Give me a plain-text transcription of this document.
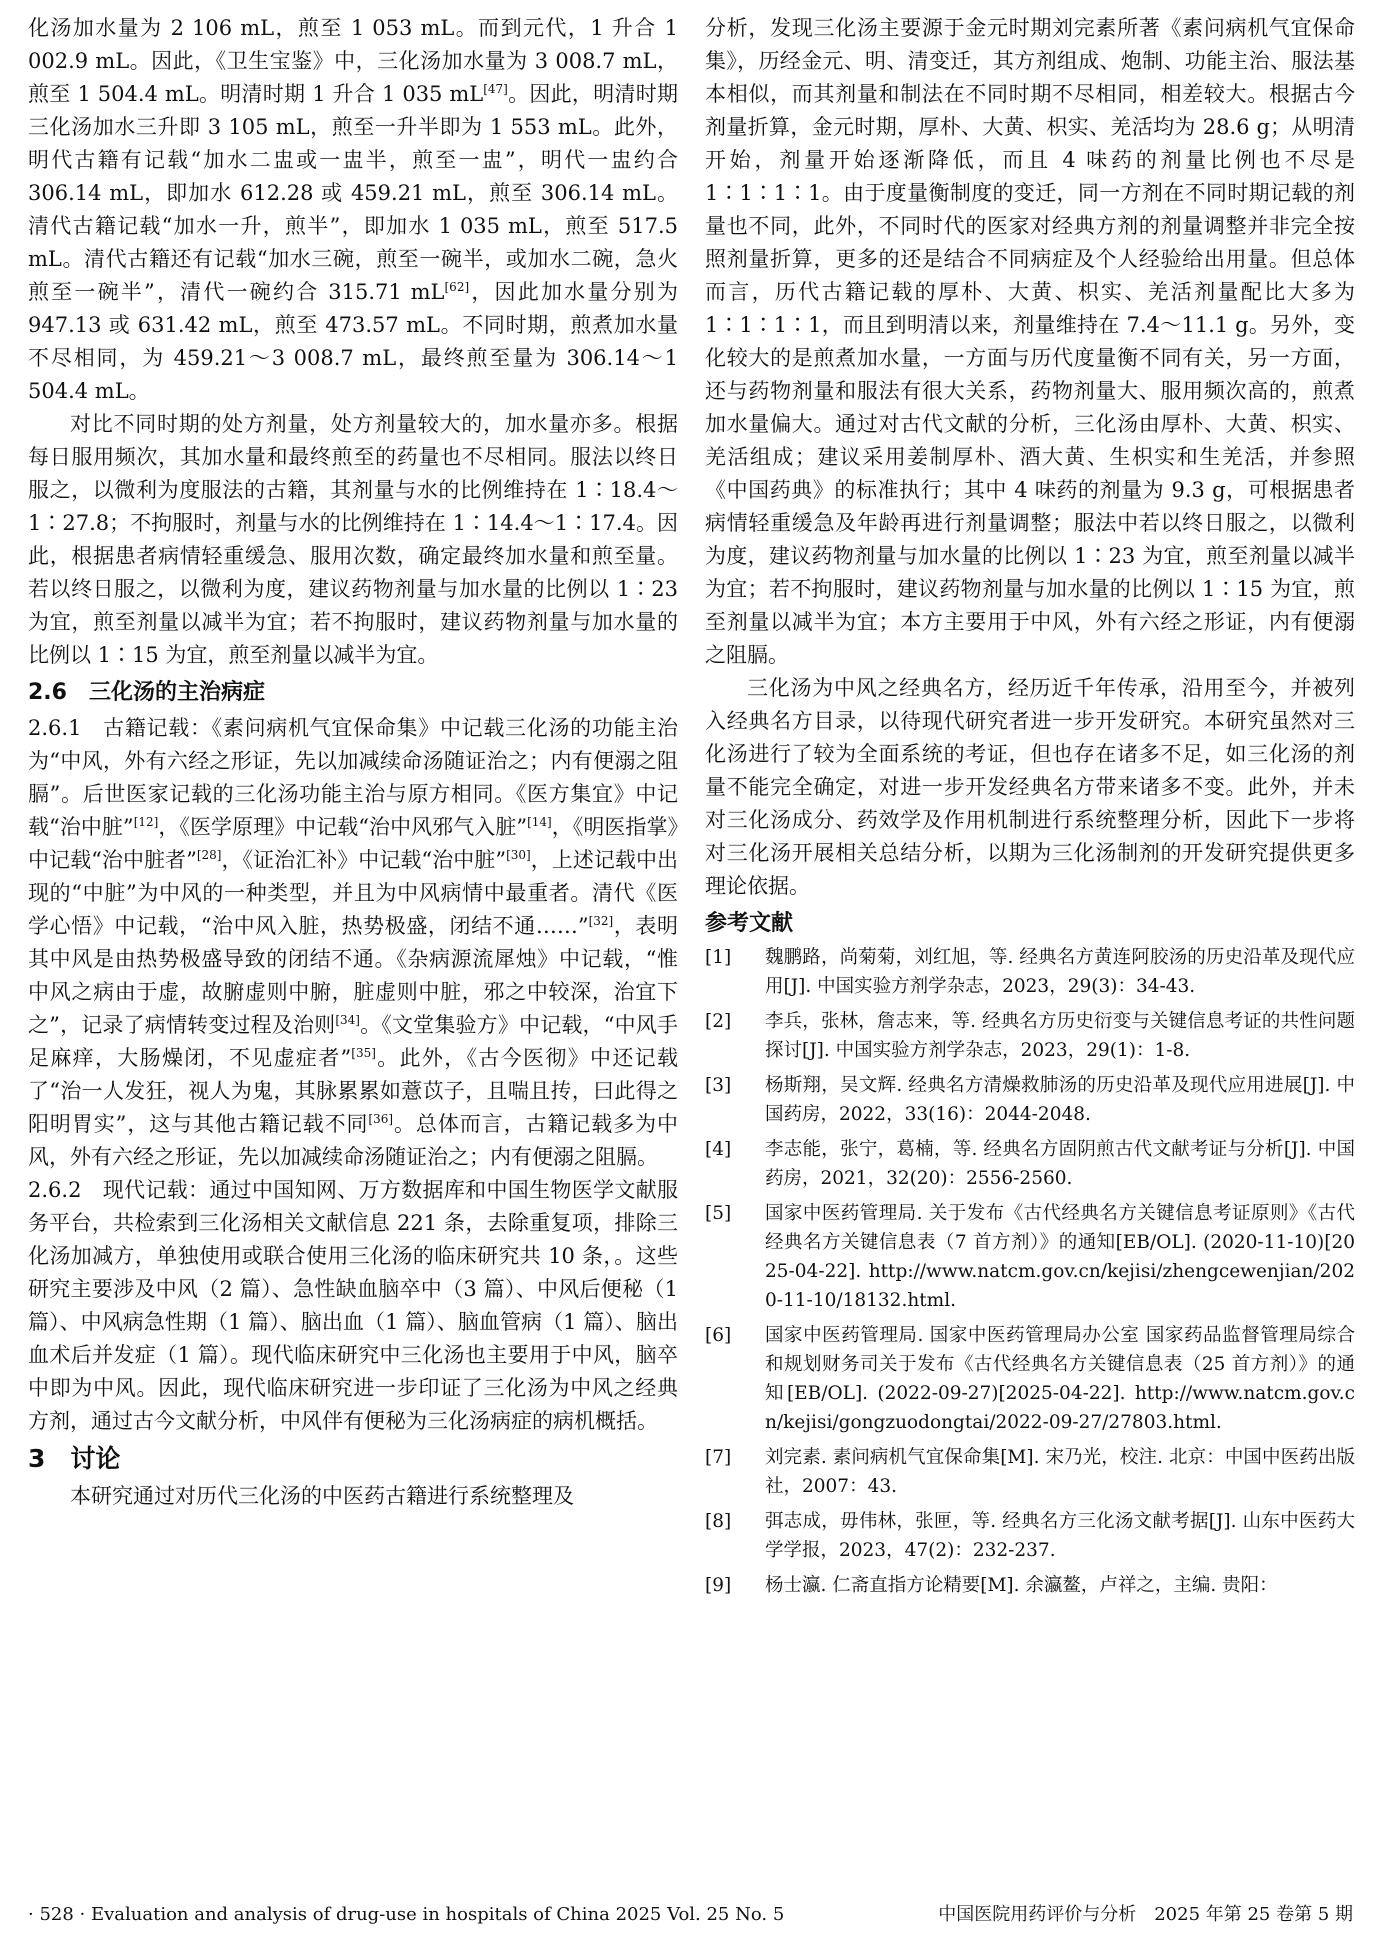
化汤加水量为 2 106 mL，煎至 1 053 mL。而到元代，1 升合 1 002.9 mL。因此，《卫生宝鉴》中，三化汤加水量为 3 008.7 mL，煎至 1 504.4 mL。明清时期 1 升合 1 035 mL[47]。因此，明清时期三化汤加水三升即 3 105 mL，煎至一升半即为 1 553 mL。此外，明代古籍有记载“加水二盅或一盅半，煎至一盅”，明代一盅约合 306.14 mL，即加水 612.28 或 459.21 mL，煎至 306.14 mL。清代古籍记载“加水一升，煎半”，即加水 1 035 mL，煎至 517.5 mL。清代古籍还有记载“加水三碗，煎至一碗半，或加水二碗，急火煎至一碗半”，清代一碗约合 315.71 mL[62]，因此加水量分别为 947.13 或 631.42 mL，煎至 473.57 mL。不同时期，煎煮加水量不尽相同，为 459.21～3 008.7 mL，最终煎至量为 306.14～1 504.4 mL。

对比不同时期的处方剂量，处方剂量较大的，加水量亦多。根据每日服用频次，其加水量和最终煎至的药量也不尽相同。服法以终日服之，以微利为度服法的古籍，其剂量与水的比例维持在 1∶18.4～1∶27.8；不拘服时，剂量与水的比例维持在 1∶14.4～1∶17.4。因此，根据患者病情轻重缓急、服用次数，确定最终加水量和煎至量。若以终日服之，以微利为度，建议药物剂量与加水量的比例以 1∶23 为宜，煎至剂量以减半为宜；若不拘服时，建议药物剂量与加水量的比例以 1∶15 为宜，煎至剂量以减半为宜。

2.6 三化汤的主治病症

2.6.1 古籍记载：《素问病机气宜保命集》中记载三化汤的功能主治为“中风，外有六经之形证，先以加减续命汤随证治之；内有便溺之阻膈”。后世医家记载的三化汤功能主治与原方相同。《医方集宜》中记载“治中脏”[12]，《医学原理》中记载“治中风邪气入脏”[14]，《明医指掌》中记载“治中脏者”[28]，《证治汇补》中记载“治中脏”[30]，上述记载中出现的“中脏”为中风的一种类型，并且为中风病情中最重者。清代《医学心悟》中记载，“治中风入脏，热势极盛，闭结不通……”[32]，表明其中风是由热势极盛导致的闭结不通。《杂病源流犀烛》中记载，“惟中风之病由于虚，故腑虚则中腑，脏虚则中脏，邪之中较深，治宜下之”，记录了病情转变过程及治则[34]。《文堂集验方》中记载，“中风手足麻痒，大肠燥闭，不见虚症者”[35]。此外，《古今医彻》中还记载了“治一人发狂，视人为鬼，其脉累累如薏苡子，且喘且抟，曰此得之阳明胃实”，这与其他古籍记载不同[36]。总体而言，古籍记载多为中风，外有六经之形证，先以加减续命汤随证治之；内有便溺之阻膈。

2.6.2 现代记载：通过中国知网、万方数据库和中国生物医学文献服务平台，共检索到三化汤相关文献信息 221 条，去除重复项，排除三化汤加减方，单独使用或联合使用三化汤的临床研究共 10 条，。这些研究主要涉及中风（2 篇）、急性缺血脑卒中（3 篇）、中风后便秘（1 篇）、中风病急性期（1 篇）、脑出血（1 篇）、脑血管病（1 篇）、脑出血术后并发症（1 篇）。现代临床研究中三化汤也主要用于中风，脑卒中即为中风。因此，现代临床研究进一步印证了三化汤为中风之经典方剂，通过古今文献分析，中风伴有便秘为三化汤病症的病机概括。

3 讨论

本研究通过对历代三化汤的中医药古籍进行系统整理及

分析，发现三化汤主要源于金元时期刘完素所著《素问病机气宜保命集》，历经金元、明、清变迁，其方剂组成、炮制、功能主治、服法基本相似，而其剂量和制法在不同时期不尽相同，相差较大。根据古今剂量折算，金元时期，厚朴、大黄、枳实、羌活均为 28.6 g；从明清开始，剂量开始逐渐降低，而且 4 味药的剂量比例也不尽是 1∶1∶1∶1。由于度量衡制度的变迁，同一方剂在不同时期记载的剂量也不同，此外，不同时代的医家对经典方剂的剂量调整并非完全按照剂量折算，更多的还是结合不同病症及个人经验给出用量。但总体而言，历代古籍记载的厚朴、大黄、枳实、羌活剂量配比大多为 1∶1∶1∶1，而且到明清以来，剂量维持在 7.4～11.1 g。另外，变化较大的是煎煮加水量，一方面与历代度量衡不同有关，另一方面，还与药物剂量和服法有很大关系，药物剂量大、服用频次高的，煎煮加水量偏大。通过对古代文献的分析，三化汤由厚朴、大黄、枳实、羌活组成；建议采用姜制厚朴、酒大黄、生枳实和生羌活，并参照《中国药典》的标准执行；其中 4 味药的剂量为 9.3 g，可根据患者病情轻重缓急及年龄再进行剂量调整；服法中若以终日服之，以微利为度，建议药物剂量与加水量的比例以 1∶23 为宜，煎至剂量以减半为宜；若不拘服时，建议药物剂量与加水量的比例以 1∶15 为宜，煎至剂量以减半为宜；本方主要用于中风，外有六经之形证，内有便溺之阻膈。

三化汤为中风之经典名方，经历近千年传承，沿用至今，并被列入经典名方目录，以待现代研究者进一步开发研究。本研究虽然对三化汤进行了较为全面系统的考证，但也存在诸多不足，如三化汤的剂量不能完全确定，对进一步开发经典名方带来诸多不变。此外，并未对三化汤成分、药效学及作用机制进行系统整理分析，因此下一步将对三化汤开展相关总结分析，以期为三化汤制剂的开发研究提供更多理论依据。

参考文献
[1]	魏鹏路，尚菊菊，刘红旭，等. 经典名方黄连阿胶汤的历史沿革及现代应用[J]. 中国实验方剂学杂志，2023，29(3)：34-43.
[2]	李兵，张林，詹志来，等. 经典名方历史衍变与关键信息考证的共性问题探讨[J]. 中国实验方剂学杂志，2023，29(1)：1-8.
[3]	杨斯翔，吴文辉. 经典名方清燥救肺汤的历史沿革及现代应用进展[J]. 中国药房，2022，33(16)：2044-2048.
[4]	李志能，张宁，葛楠，等. 经典名方固阴煎古代文献考证与分析[J]. 中国药房，2021，32(20)：2556-2560.
[5]	国家中医药管理局. 关于发布《古代经典名方关键信息考证原则》《古代经典名方关键信息表（7 首方剂）》的通知[EB/OL]. (2020-11-10)[2025-04-22]. http://www.natcm.gov.cn/kejisi/zhengcewenjian/2020-11-10/18132.html.
[6]	国家中医药管理局. 国家中医药管理局办公室 国家药品监督管理局综合和规划财务司关于发布《古代经典名方关键信息表（25 首方剂）》的通知[EB/OL]. (2022-09-27)[2025-04-22]. http://www.natcm.gov.cn/kejisi/gongzuodongtai/2022-09-27/27803.html.
[7]	刘完素. 素问病机气宜保命集[M]. 宋乃光，校注. 北京：中国中医药出版社，2007：43.
[8]	弭志成，毋伟林，张匣，等. 经典名方三化汤文献考据[J]. 山东中医药大学学报，2023，47(2)：232-237.
[9]	杨士瀛. 仁斋直指方论精要[M]. 余瀛鳌，卢祥之，主编. 贵阳：
· 528 · Evaluation and analysis of drug-use in hospitals of China 2025 Vol. 25 No. 5	中国医院用药评价与分析　2025 年第 25 卷第 5 期
